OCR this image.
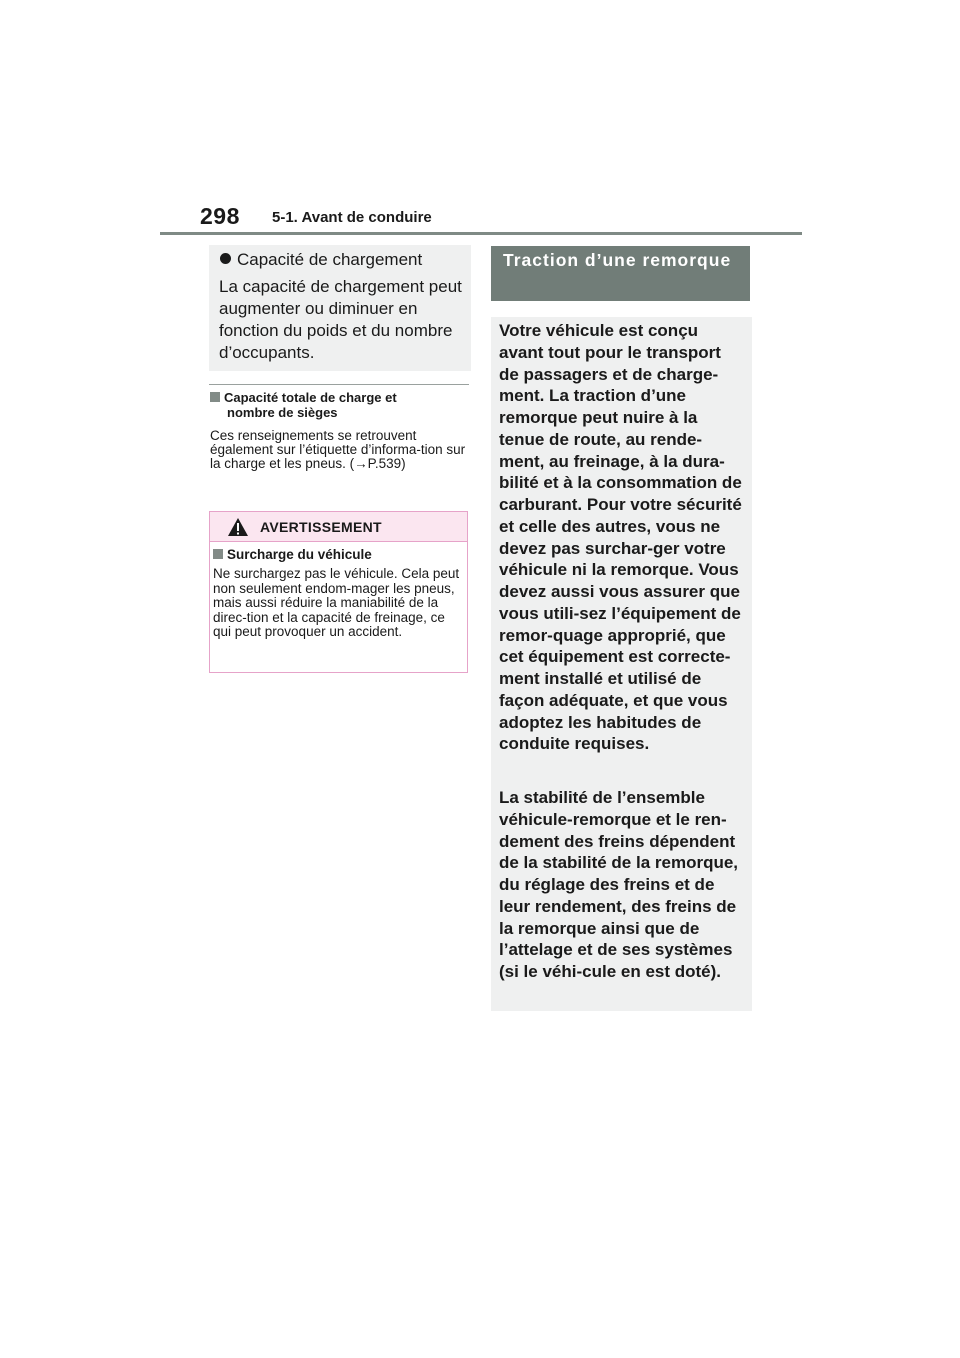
298 5-1. Avant de conduire
Capacité de chargement
La capacité de chargement peut augmenter ou diminuer en fonction du poids et du nombre d’occupants.
Capacité totale de charge et
nombre de sièges
Ces renseignements se retrouvent également sur l’étiquette d’informa-tion sur la charge et les pneus. (→P.539)
AVERTISSEMENT
Surcharge du véhicule
Ne surchargez pas le véhicule. Cela peut non seulement endom-mager les pneus, mais aussi réduire la maniabilité de la direc-tion et la capacité de freinage, ce qui peut provoquer un accident.
Traction d’une remorque
Votre véhicule est conçu avant tout pour le transport de passagers et de charge-ment. La traction d’une remorque peut nuire à la tenue de route, au rende-ment, au freinage, à la dura-bilité et à la consommation de carburant. Pour votre sécurité et celle des autres, vous ne devez pas surchar-ger votre véhicule ni la remorque. Vous devez aussi vous assurer que vous utili-sez l’équipement de remor-quage approprié, que cet équipement est correcte-ment installé et utilisé de façon adéquate, et que vous adoptez les habitudes de conduite requises.
La stabilité de l’ensemble véhicule-remorque et le ren-dement des freins dépendent de la stabilité de la remorque, du réglage des freins et de leur rendement, des freins de la remorque ainsi que de l’attelage et de ses systèmes (si le véhi-cule en est doté).
